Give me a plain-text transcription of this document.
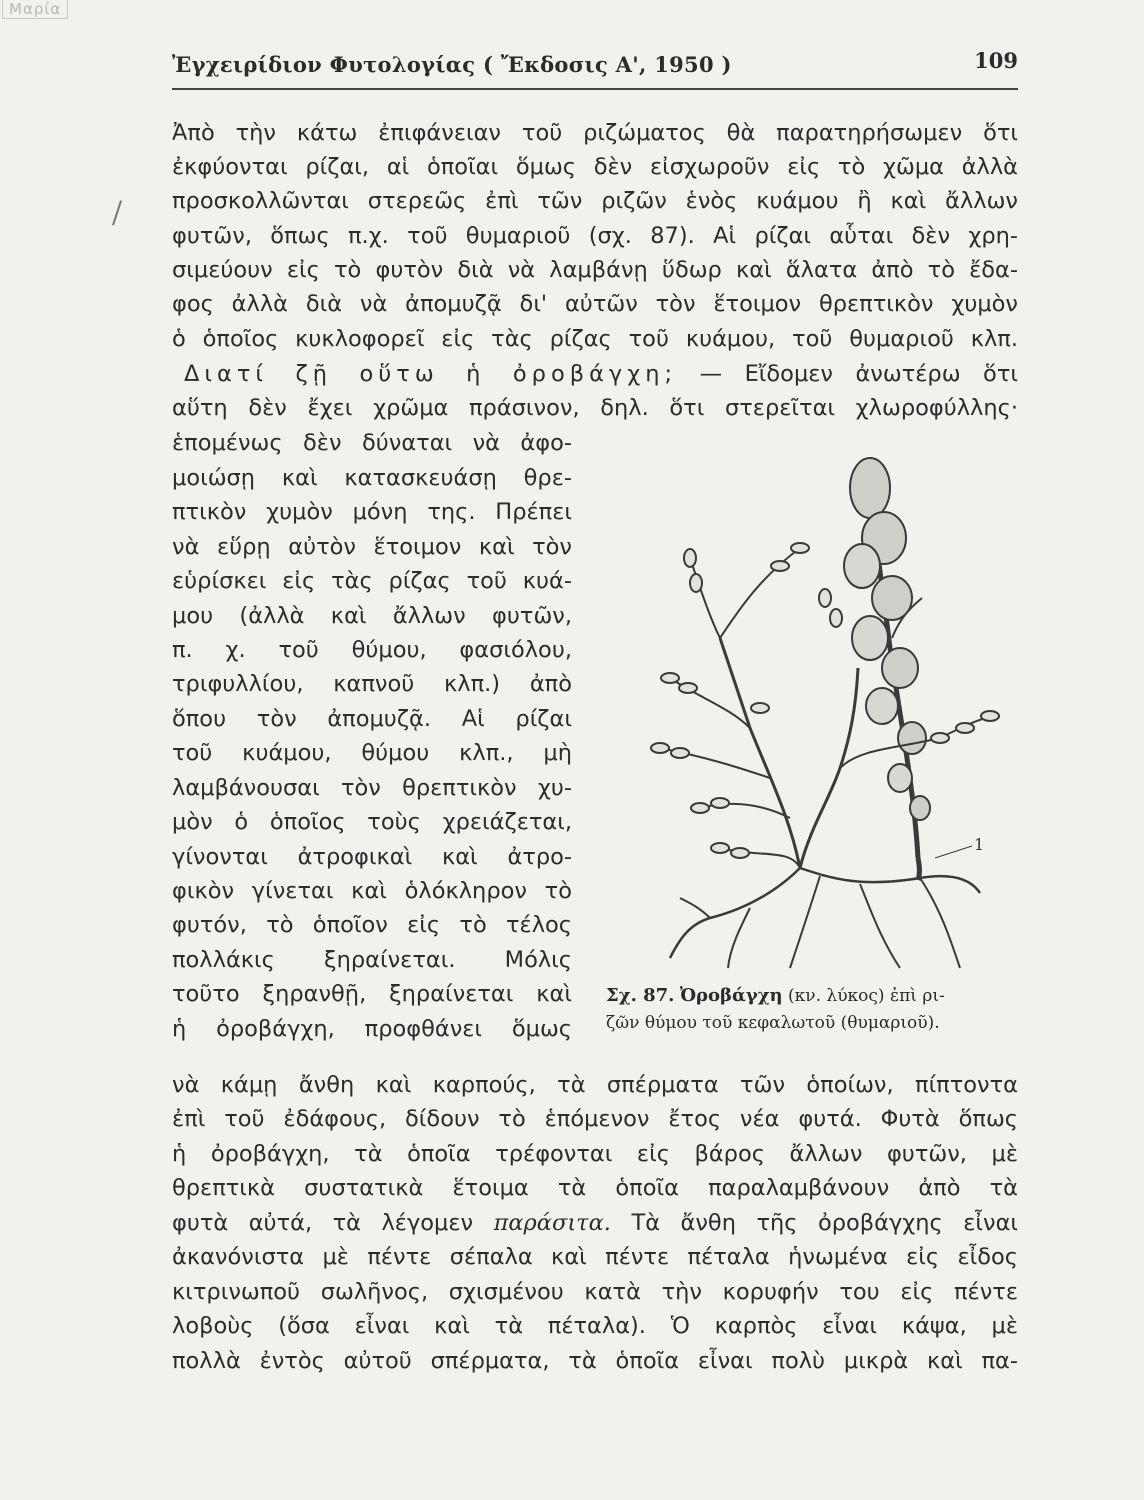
Μαρία
Ἐγχειρίδιον Φυτολογίας ( Ἔκδοσις Α', 1950 )	109
Ἀπὸ τὴν κάτω ἐπιφάνειαν τοῦ ριζώματος θὰ παρατηρήσωμεν ὅτι
ἐκφύονται ρίζαι, αἱ ὁποῖαι ὅμως δὲν εἰσχωροῦν εἰς τὸ χῶμα ἀλλὰ
προσκολλῶνται στερεῶς ἐπὶ τῶν ριζῶν ἑνὸς κυάμου ἢ καὶ ἄλλων
φυτῶν, ὅπως π.χ. τοῦ θυμαριοῦ (σχ. 87). Αἱ ρίζαι αὗται δὲν χρη-
σιμεύουν εἰς τὸ φυτὸν διὰ νὰ λαμβάνῃ ὕδωρ καὶ ἅλατα ἀπὸ τὸ ἔδα-
φος ἀλλὰ διὰ νὰ ἀπομυζᾷ δι' αὐτῶν τὸν ἕτοιμον θρεπτικὸν χυμὸν
ὁ ὁποῖος κυκλοφορεῖ εἰς τὰς ρίζας τοῦ κυάμου, τοῦ θυμαριοῦ κλπ.
Διατί ζῇ οὕτω ἡ ὀροβάγχη; — Εἴδομεν ἀνωτέρω ὅτι
αὕτη δὲν ἔχει χρῶμα πράσινον, δηλ. ὅτι στερεῖται χλωροφύλλης·
ἑπομένως δὲν δύναται νὰ ἀφο-
μοιώσῃ καὶ κατασκευάσῃ θρε-
πτικὸν χυμὸν μόνη της. Πρέπει
νὰ εὕρῃ αὐτὸν ἕτοιμον καὶ τὸν
εὑρίσκει εἰς τὰς ρίζας τοῦ κυά-
μου (ἀλλὰ καὶ ἄλλων φυτῶν,
π. χ. τοῦ θύμου, φασιόλου,
τριφυλλίου, καπνοῦ κλπ.) ἀπὸ
ὅπου τὸν ἀπομυζᾷ. Αἱ ρίζαι
τοῦ κυάμου, θύμου κλπ., μὴ
λαμβάνουσαι τὸν θρεπτικὸν χυ-
μὸν ὁ ὁποῖος τοὺς χρειάζεται,
γίνονται ἀτροφικαὶ καὶ ἀτρο-
φικὸν γίνεται καὶ ὁλόκληρον τὸ
φυτόν, τὸ ὁποῖον εἰς τὸ τέλος
πολλάκις ξηραίνεται. Μόλις
τοῦτο ξηρανθῇ, ξηραίνεται καὶ
ἡ ὀροβάγχη, προφθάνει ὅμως
1
Σχ. 87. Ὀροβάγχη (κν. λύκος) ἐπὶ ρι-
ζῶν θύμου τοῦ κεφαλωτοῦ (θυμαριοῦ).
νὰ κάμῃ ἄνθη καὶ καρπούς, τὰ σπέρματα τῶν ὁποίων, πίπτοντα
ἐπὶ τοῦ ἐδάφους, δίδουν τὸ ἑπόμενον ἔτος νέα φυτά. Φυτὰ ὅπως
ἡ ὀροβάγχη, τὰ ὁποῖα τρέφονται εἰς βάρος ἄλλων φυτῶν, μὲ
θρεπτικὰ συστατικὰ ἕτοιμα τὰ ὁποῖα παραλαμβάνουν ἀπὸ τὰ
φυτὰ αὐτά, τὰ λέγομεν παράσιτα. Τὰ ἄνθη τῆς ὀροβάγχης εἶναι
ἀκανόνιστα μὲ πέντε σέπαλα καὶ πέντε πέταλα ἡνωμένα εἰς εἶδος
κιτρινωποῦ σωλῆνος, σχισμένου κατὰ τὴν κορυφήν του εἰς πέντε
λοβοὺς (ὅσα εἶναι καὶ τὰ πέταλα). Ὁ καρπὸς εἶναι κάψα, μὲ
πολλὰ ἐντὸς αὐτοῦ σπέρματα, τὰ ὁποῖα εἶναι πολὺ μικρὰ καὶ πα-
